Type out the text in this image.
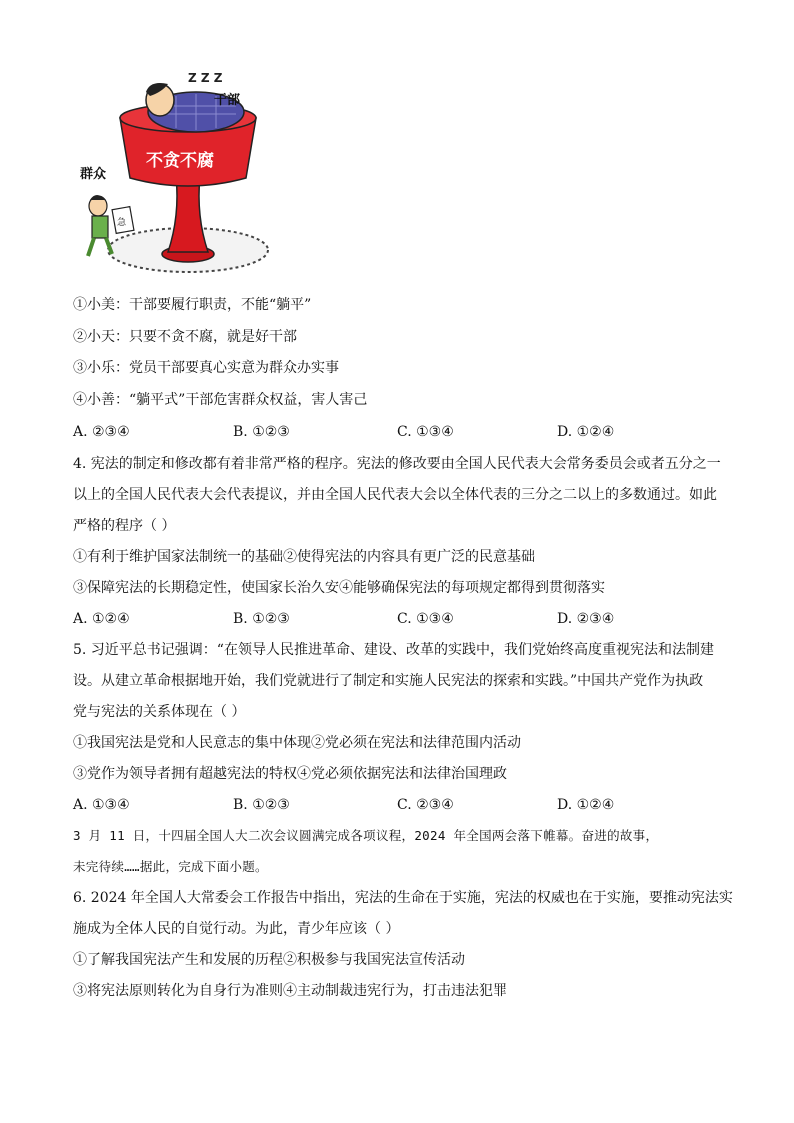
Z Z Z
干部
不贪不腐
群众
急
①小美：干部要履行职责，不能“躺平”
②小天：只要不贪不腐，就是好干部
③小乐：党员干部要真心实意为群众办实事
④小善：“躺平式”干部危害群众权益，害人害己
A. ②③④	B. ①②③	C. ①③④	D. ①②④
4. 宪法的制定和修改都有着非常严格的程序。宪法的修改要由全国人民代表大会常务委员会或者五分之一
以上的全国人民代表大会代表提议，并由全国人民代表大会以全体代表的三分之二以上的多数通过。如此
严格的程序（ ）
①有利于维护国家法制统一的基础②使得宪法的内容具有更广泛的民意基础
③保障宪法的长期稳定性，使国家长治久安④能够确保宪法的每项规定都得到贯彻落实
A. ①②④	B. ①②③	C. ①③④	D. ②③④
5. 习近平总书记强调：“在领导人民推进革命、建设、改革的实践中，我们党始终高度重视宪法和法制建
设。从建立革命根据地开始，我们党就进行了制定和实施人民宪法的探索和实践。”中国共产党作为执政
党与宪法的关系体现在（ ）
①我国宪法是党和人民意志的集中体现②党必须在宪法和法律范围内活动
③党作为领导者拥有超越宪法的特权④党必须依据宪法和法律治国理政
A. ①③④	B. ①②③	C. ②③④	D. ①②④
3 月 11 日，十四届全国人大二次会议圆满完成各项议程，2024 年全国两会落下帷幕。奋进的故事，
未完待续……据此，完成下面小题。
6. 2024 年全国人大常委会工作报告中指出，宪法的生命在于实施，宪法的权威也在于实施，要推动宪法实
施成为全体人民的自觉行动。为此，青少年应该（ ）
①了解我国宪法产生和发展的历程②积极参与我国宪法宣传活动
③将宪法原则转化为自身行为准则④主动制裁违宪行为，打击违法犯罪
